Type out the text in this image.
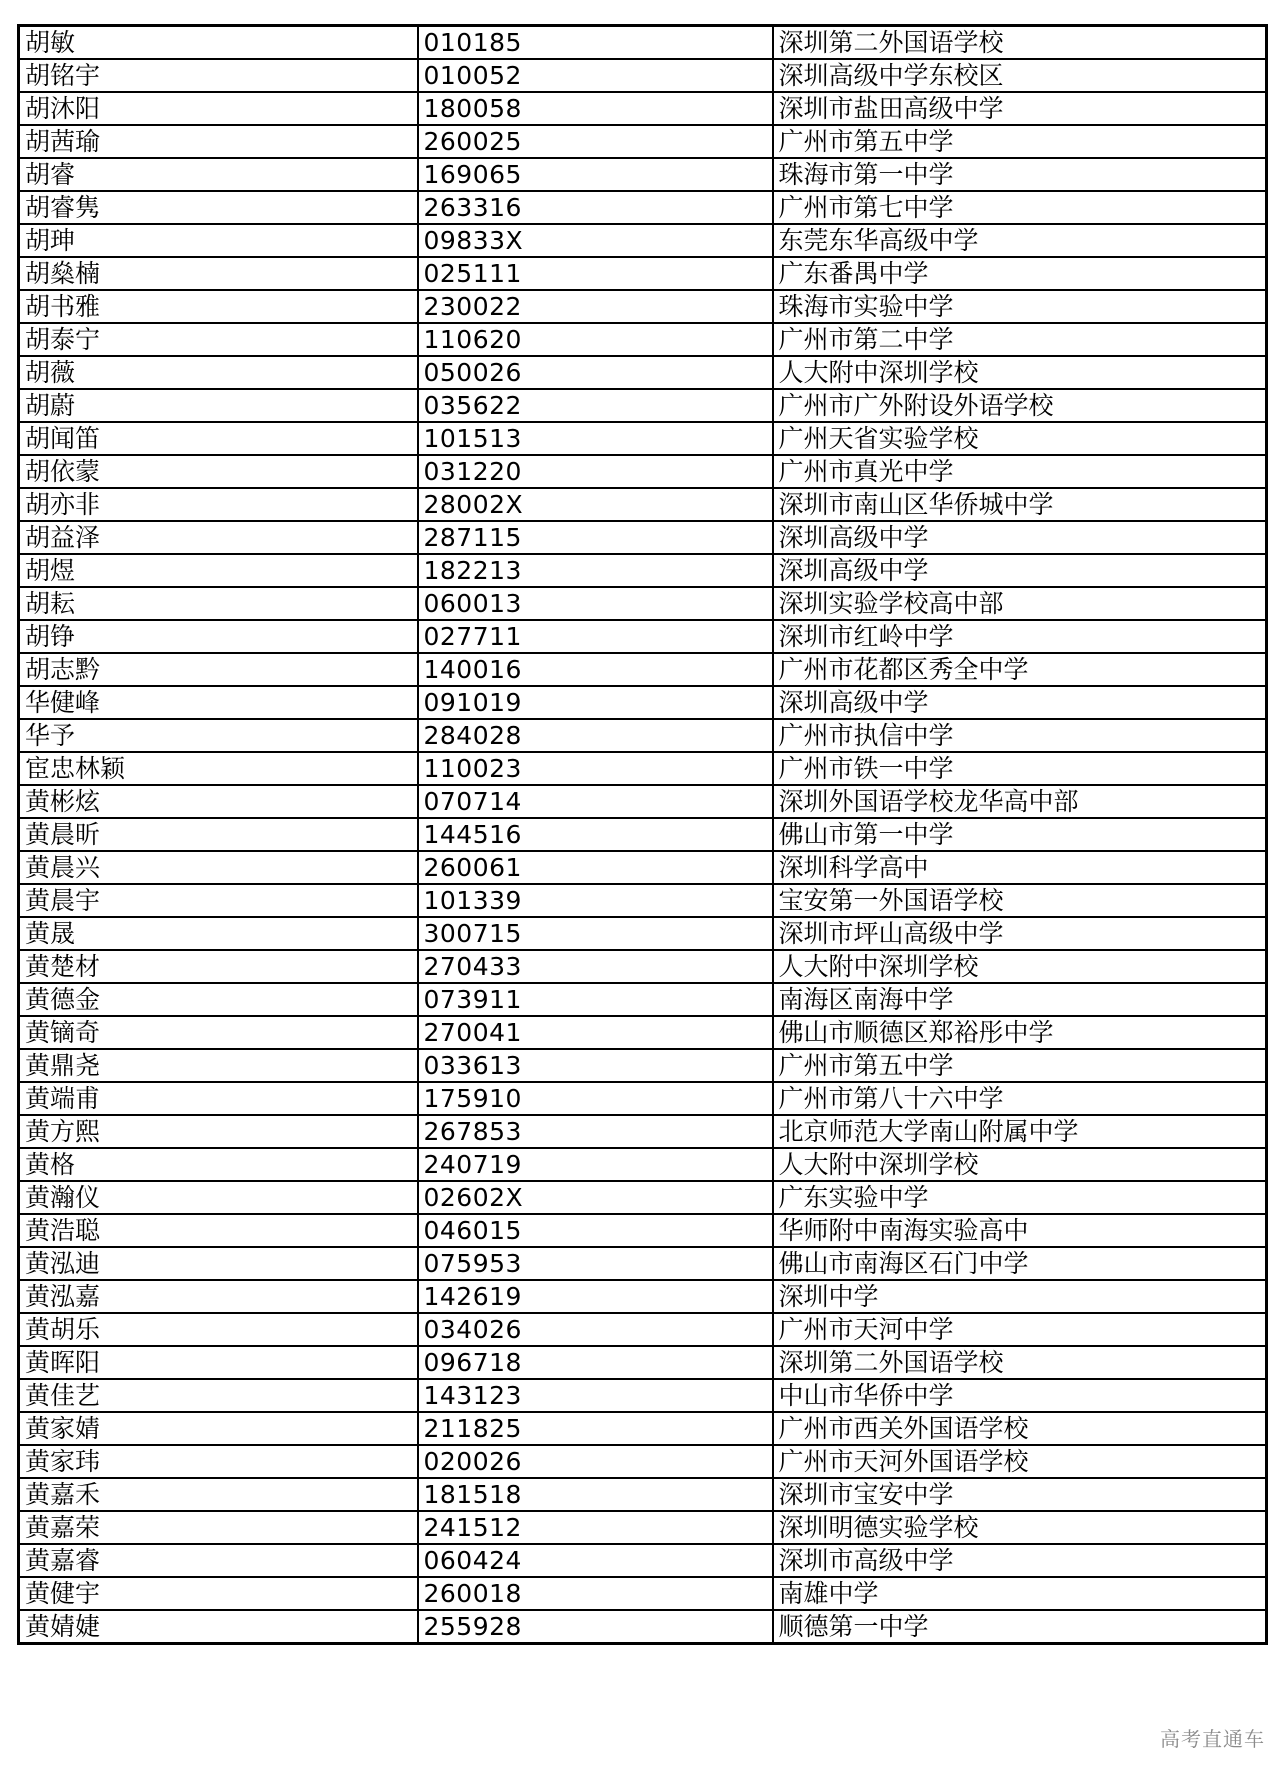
胡敏	010185	深圳第二外国语学校
胡铭宇	010052	深圳高级中学东校区
胡沐阳	180058	深圳市盐田高级中学
胡茜瑜	260025	广州市第五中学
胡睿	169065	珠海市第一中学
胡睿隽	263316	广州市第七中学
胡珅	09833X	东莞东华高级中学
胡燊楠	025111	广东番禺中学
胡书雅	230022	珠海市实验中学
胡泰宁	110620	广州市第二中学
胡薇	050026	人大附中深圳学校
胡蔚	035622	广州市广外附设外语学校
胡闻笛	101513	广州天省实验学校
胡依蒙	031220	广州市真光中学
胡亦非	28002X	深圳市南山区华侨城中学
胡益泽	287115	深圳高级中学
胡煜	182213	深圳高级中学
胡耘	060013	深圳实验学校高中部
胡铮	027711	深圳市红岭中学
胡志黔	140016	广州市花都区秀全中学
华健峰	091019	深圳高级中学
华予	284028	广州市执信中学
宦忠林颖	110023	广州市铁一中学
黄彬炫	070714	深圳外国语学校龙华高中部
黄晨昕	144516	佛山市第一中学
黄晨兴	260061	深圳科学高中
黄晨宇	101339	宝安第一外国语学校
黄晟	300715	深圳市坪山高级中学
黄楚材	270433	人大附中深圳学校
黄德金	073911	南海区南海中学
黄镝奇	270041	佛山市顺德区郑裕彤中学
黄鼎尧	033613	广州市第五中学
黄端甫	175910	广州市第八十六中学
黄方熙	267853	北京师范大学南山附属中学
黄格	240719	人大附中深圳学校
黄瀚仪	02602X	广东实验中学
黄浩聪	046015	华师附中南海实验高中
黄泓迪	075953	佛山市南海区石门中学
黄泓嘉	142619	深圳中学
黄胡乐	034026	广州市天河中学
黄晖阳	096718	深圳第二外国语学校
黄佳艺	143123	中山市华侨中学
黄家婧	211825	广州市西关外国语学校
黄家玮	020026	广州市天河外国语学校
黄嘉禾	181518	深圳市宝安中学
黄嘉荣	241512	深圳明德实验学校
黄嘉睿	060424	深圳市高级中学
黄健宇	260018	南雄中学
黄婧婕	255928	顺德第一中学
高考直通车
